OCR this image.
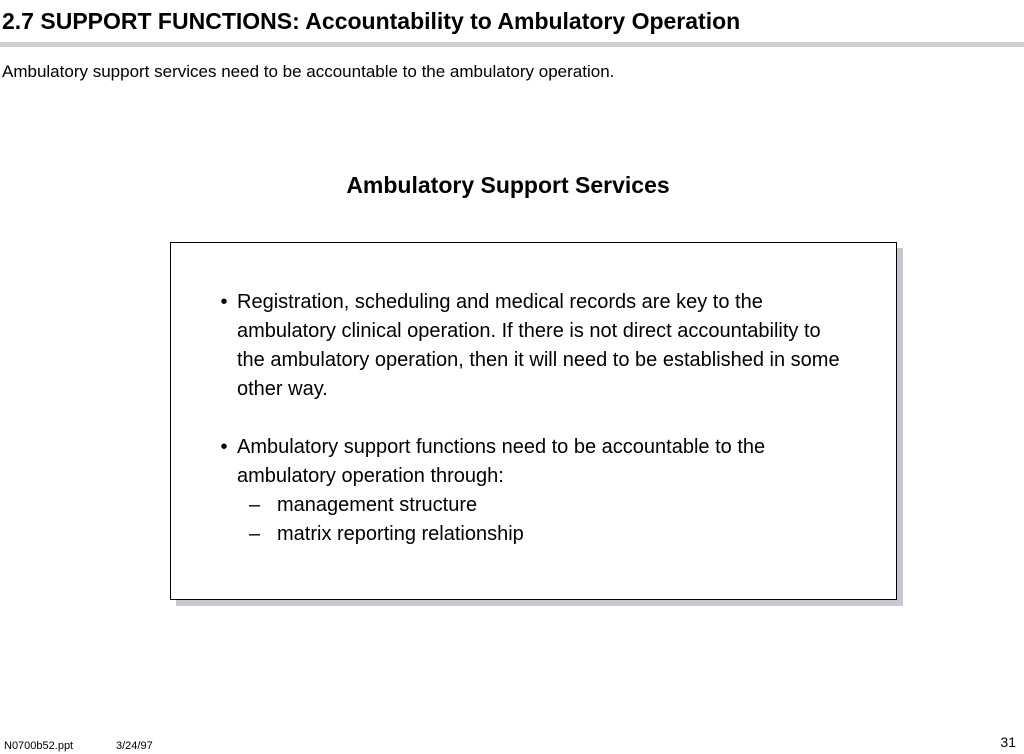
2.7 SUPPORT FUNCTIONS: Accountability to Ambulatory Operation
Ambulatory support services need to be accountable to the ambulatory operation.
Ambulatory Support Services
• Registration, scheduling and medical records are key to the ambulatory clinical operation. If there is not direct accountability to the ambulatory operation, then it will need to be established in some other way.
• Ambulatory support functions need to be accountable to the ambulatory operation through:
– management structure
– matrix reporting relationship
N0700b52.ppt	3/24/97	31
